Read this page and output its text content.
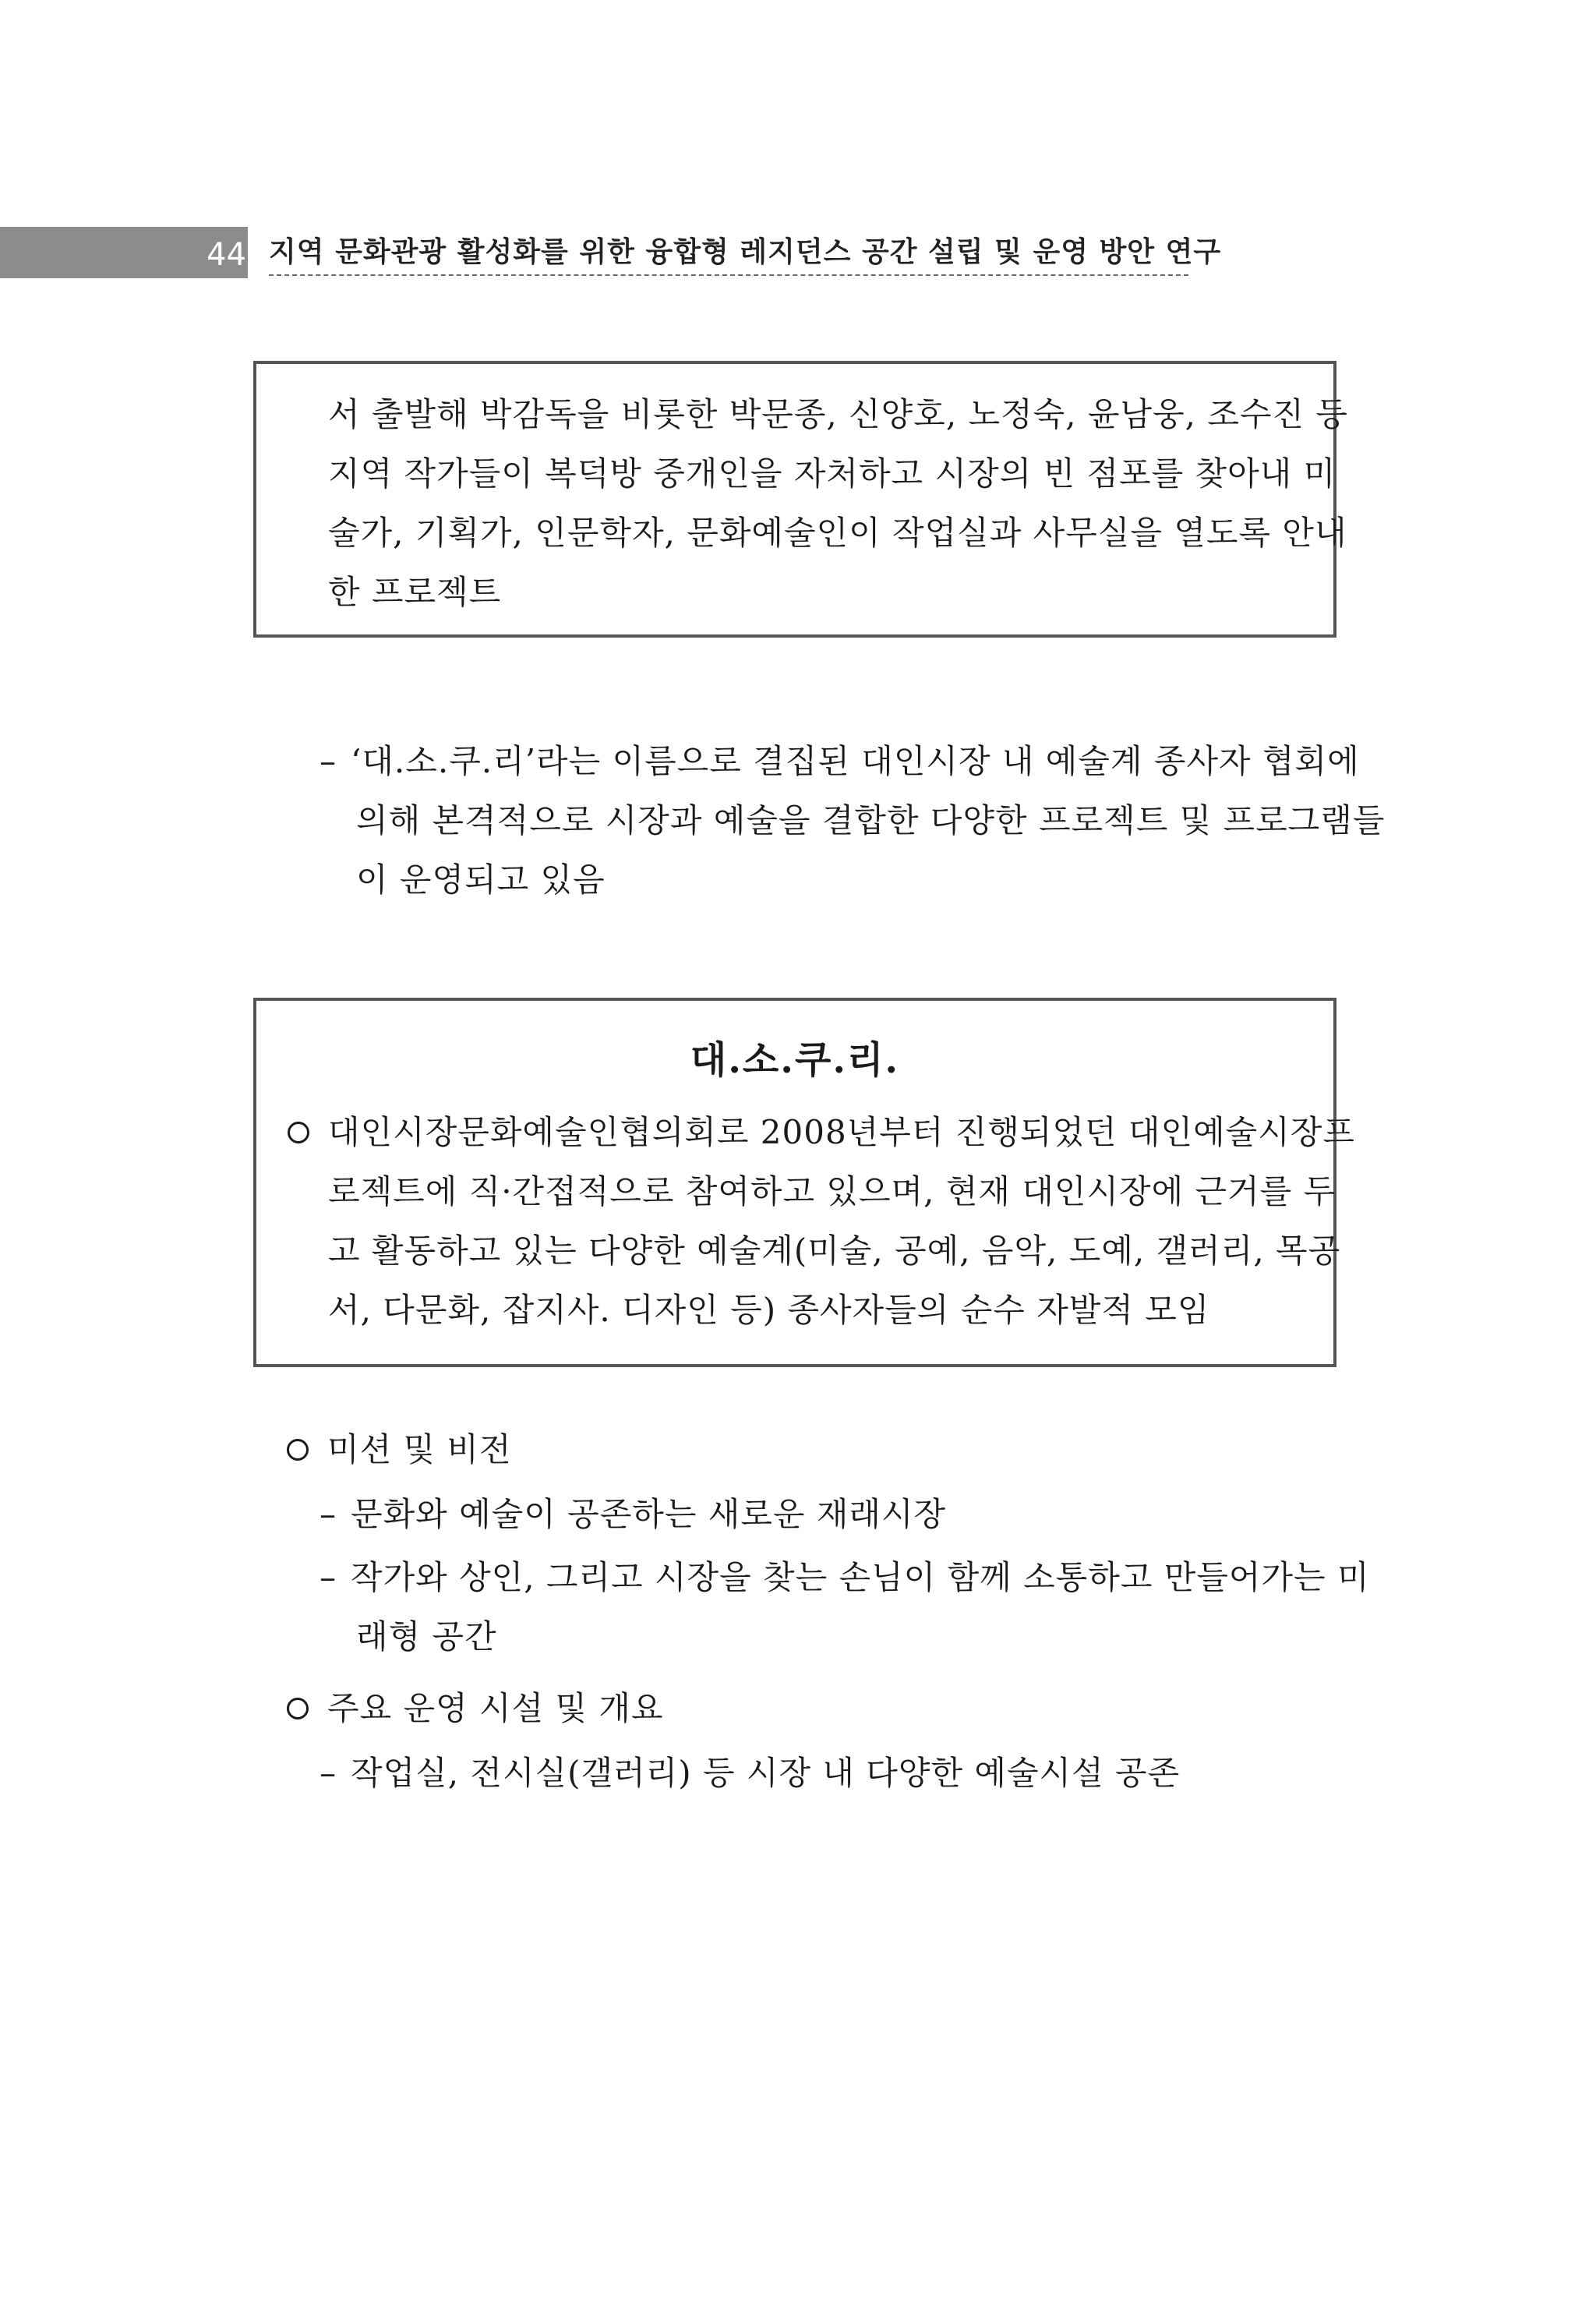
44 지역 문화관광 활성화를 위한 융합형 레지던스 공간 설립 및 운영 방안 연구
서 출발해 박감독을 비롯한 박문종, 신양호, 노정숙, 윤남웅, 조수진 등
지역 작가들이 복덕방 중개인을 자처하고 시장의 빈 점포를 찾아내 미
술가, 기획가, 인문학자, 문화예술인이 작업실과 사무실을 열도록 안내
한 프로젝트
– ‘대.소.쿠.리’라는 이름으로 결집된 대인시장 내 예술계 종사자 협회에
의해 본격적으로 시장과 예술을 결합한 다양한 프로젝트 및 프로그램들
이 운영되고 있음
대.소.쿠.리.
대인시장문화예술인협의회로 2008년부터 진행되었던 대인예술시장프
로젝트에 직·간접적으로 참여하고 있으며, 현재 대인시장에 근거를 두
고 활동하고 있는 다양한 예술계(미술, 공예, 음악, 도예, 갤러리, 목공
서, 다문화, 잡지사. 디자인 등) 종사자들의 순수 자발적 모임
미션 및 비전
– 문화와 예술이 공존하는 새로운 재래시장
– 작가와 상인, 그리고 시장을 찾는 손님이 함께 소통하고 만들어가는 미
래형 공간
주요 운영 시설 및 개요
– 작업실, 전시실(갤러리) 등 시장 내 다양한 예술시설 공존
